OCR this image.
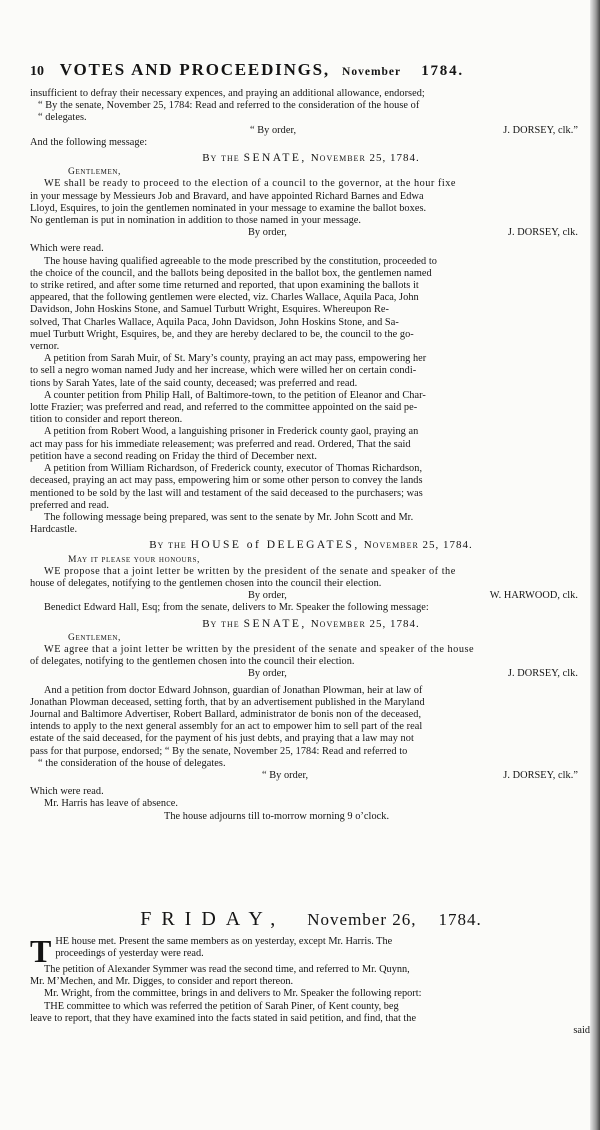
10 VOTES AND PROCEEDINGS, November 1784.

insufficient to defray their necessary expences, and praying an additional allowance, endorsed;

“ By the senate, November 25, 1784: Read and referred to the consideration of the house of

“ delegates.

“ By order,	J. DORSEY, clk.”

And the following message:

By the SENATE, November 25, 1784.

Gentlemen,

WE shall be ready to proceed to the election of a council to the governor, at the hour fixe

in your message by Messieurs Job and Bravard, and have appointed Richard Barnes and Edwa

Lloyd, Esquires, to join the gentlemen nominated in your message to examine the ballot boxes.

No gentleman is put in nomination in addition to those named in your message.

By order,	J. DORSEY, clk.

Which were read.

The house having qualified agreeable to the mode prescribed by the constitution, proceeded to

the choice of the council, and the ballots being deposited in the ballot box, the gentlemen named

to strike retired, and after some time returned and reported, that upon examining the ballots it

appeared, that the following gentlemen were elected, viz. Charles Wallace, Aquila Paca, John

Davidson, John Hoskins Stone, and Samuel Turbutt Wright, Esquires. Whereupon Re-

solved, That Charles Wallace, Aquila Paca, John Davidson, John Hoskins Stone, and Sa-

muel Turbutt Wright, Esquires, be, and they are hereby declared to be, the council to the go-

vernor.

A petition from Sarah Muir, of St. Mary’s county, praying an act may pass, empowering her

to sell a negro woman named Judy and her increase, which were willed her on certain condi-

tions by Sarah Yates, late of the said county, deceased; was preferred and read.

A counter petition from Philip Hall, of Baltimore-town, to the petition of Eleanor and Char-

lotte Frazier; was preferred and read, and referred to the committee appointed on the said pe-

tition to consider and report thereon.

A petition from Robert Wood, a languishing prisoner in Frederick county gaol, praying an

act may pass for his immediate releasement; was preferred and read. Ordered, That the said

petition have a second reading on Friday the third of December next.

A petition from William Richardson, of Frederick county, executor of Thomas Richardson,

deceased, praying an act may pass, empowering him or some other person to convey the lands

mentioned to be sold by the last will and testament of the said deceased to the purchasers; was

preferred and read.

The following message being prepared, was sent to the senate by Mr. John Scott and Mr.

Hardcastle.

By the HOUSE of DELEGATES, November 25, 1784.

May it please your honours,

WE propose that a joint letter be written by the president of the senate and speaker of the

house of delegates, notifying to the gentlemen chosen into the council their election.

By order,	W. HARWOOD, clk.

Benedict Edward Hall, Esq; from the senate, delivers to Mr. Speaker the following message:

By the SENATE, November 25, 1784.

Gentlemen,

WE agree that a joint letter be written by the president of the senate and speaker of the house

of delegates, notifying to the gentlemen chosen into the council their election.

By order,	J. DORSEY, clk.

And a petition from doctor Edward Johnson, guardian of Jonathan Plowman, heir at law of

Jonathan Plowman deceased, setting forth, that by an advertisement published in the Maryland

Journal and Baltimore Advertiser, Robert Ballard, administrator de bonis non of the deceased,

intends to apply to the next general assembly for an act to empower him to sell part of the real

estate of the said deceased, for the payment of his just debts, and praying that a law may not

pass for that purpose, endorsed; “ By the senate, November 25, 1784: Read and referred to

“ the consideration of the house of delegates.

“ By order,	J. DORSEY, clk.”

Which were read.

Mr. Harris has leave of absence.

The house adjourns till to-morrow morning 9 o’clock.

FRIDAY, November 26, 1784.
T HE house met. Present the same members as on yesterday, except Mr. Harris. The

proceedings of yesterday were read.

The petition of Alexander Symmer was read the second time, and referred to Mr. Quynn,

Mr. M’Mechen, and Mr. Digges, to consider and report thereon.

Mr. Wright, from the committee, brings in and delivers to Mr. Speaker the following report:

THE committee to which was referred the petition of Sarah Piner, of Kent county, beg

leave to report, that they have examined into the facts stated in said petition, and find, that the

said
